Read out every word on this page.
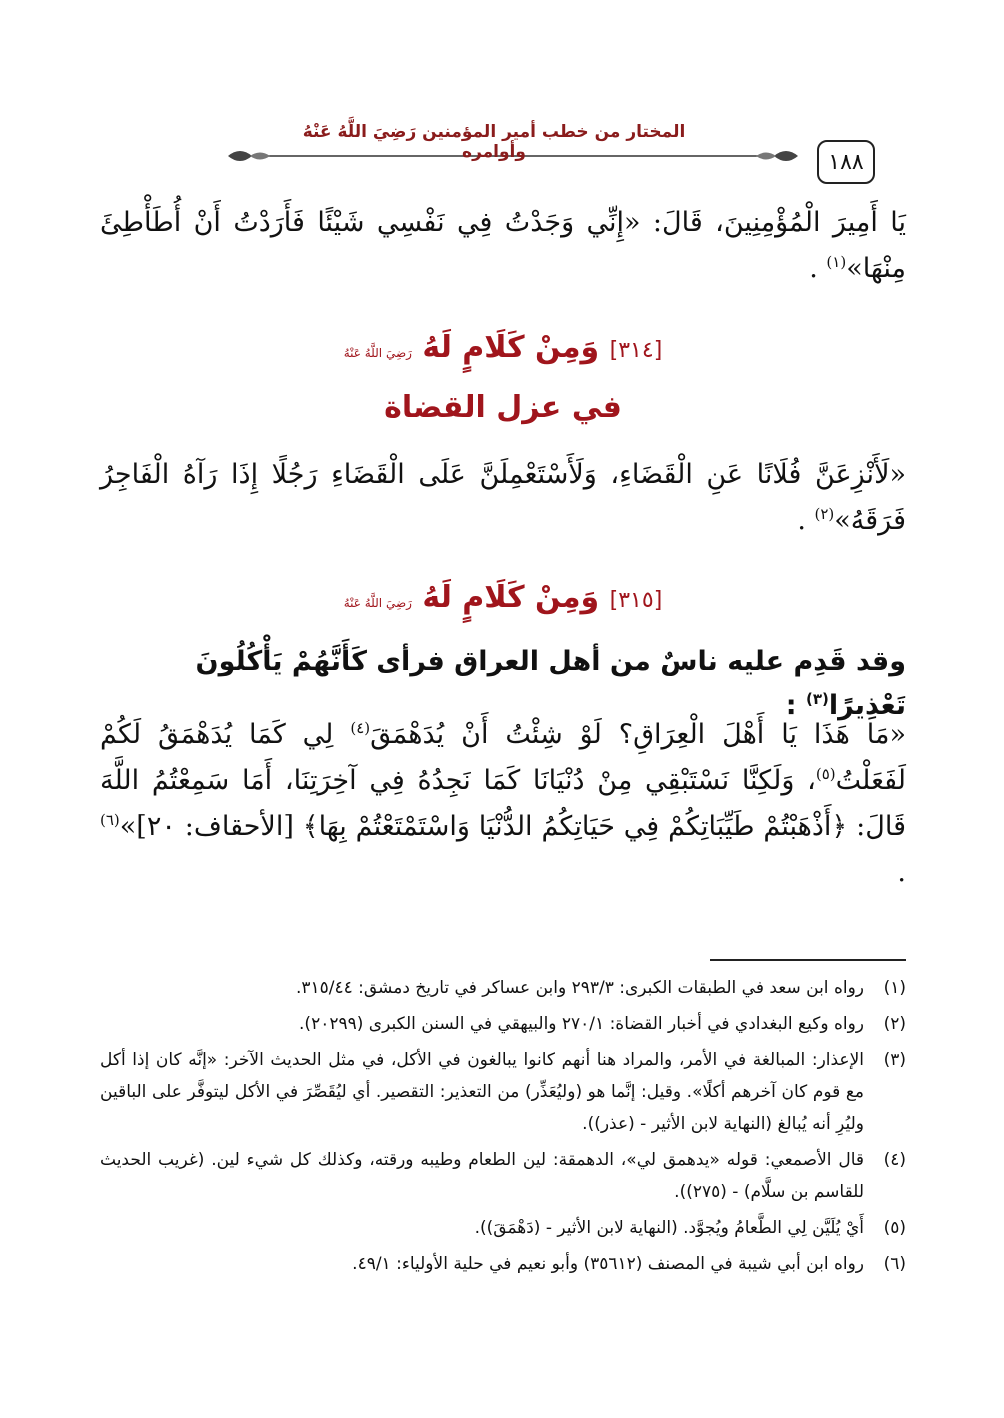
١٨٨
المختار من خطب أمير المؤمنين رَضِيَ اللَّهُ عَنْهُ وأوامره
يَا أَمِيرَ الْمُؤْمِنِينَ، قَالَ: «إِنِّي وَجَدْتُ فِي نَفْسِي شَيْئًا فَأَرَدْتُ أَنْ أُطَأْطِئَ مِنْهَا»$^{(١)}$ .
[٣١٤] وَمِنْ كَلَامٍ لَهُ رَضِيَ اللَّهُ عَنْهُ
في عزل القضاة
«لَأَنْزِعَنَّ فُلَانًا عَنِ الْقَضَاءِ، وَلَأَسْتَعْمِلَنَّ عَلَى الْقَضَاءِ رَجُلًا إِذَا رَآهُ الْفَاجِرُ فَرَقَهُ»$^{(٢)}$ .
[٣١٥] وَمِنْ كَلَامٍ لَهُ رَضِيَ اللَّهُ عَنْهُ
وقد قَدِم عليه ناسٌ من أهل العراق فرأى كَأَنَّهُمْ يَأْكُلُونَ تَعْذِيرًا$^{(٣)}$ :
«مَا هَذَا يَا أَهْلَ الْعِرَاقِ؟ لَوْ شِئْتُ أَنْ يُدَهْمَقَ$^{(٤)}$ لِي كَمَا يُدَهْمَقُ لَكُمْ لَفَعَلْتُ$^{(٥)}$، وَلَكِنَّا نَسْتَبْقِي مِنْ دُنْيَانَا كَمَا نَجِدُهُ فِي آخِرَتِنَا، أَمَا سَمِعْتُمُ اللَّهَ قَالَ: ﴿أَذْهَبْتُمْ طَيِّبَاتِكُمْ فِي حَيَاتِكُمُ الدُّنْيَا وَاسْتَمْتَعْتُمْ بِهَا﴾ [الأحقاف: ٢٠]»$^{(٦)}$ .
(١)
رواه ابن سعد في الطبقات الكبرى: ٢٩٣/٣ وابن عساكر في تاريخ دمشق: ٣١٥/٤٤.
(٢)
رواه وكيع البغدادي في أخبار القضاة: ٢٧٠/١ والبيهقي في السنن الكبرى (٢٠٢٩٩).
(٣)
الإعذار: المبالغة في الأمر، والمراد هنا أنهم كانوا يبالغون في الأكل، في مثل الحديث الآخر: «إنَّه كان إذا أكل مع قوم كان آخرهم أكلًا». وقيل: إنَّما هو (وليُعَذِّر) من التعذير: التقصير. أي ليُقَصِّرَ في الأكل ليتوفَّر على الباقين وليُرِ أنه يُبالغ (النهاية لابن الأثير - (عذر)).
(٤)
قال الأصمعي: قوله «يدهمق لي»، الدهمقة: لين الطعام وطيبه ورقته، وكذلك كل شيء لين. (غريب الحديث للقاسم بن سلَّام) - (٢٧٥)).
(٥)
أَيْ يُلَيَّن لِي الطَّعامُ ويُجوَّد. (النهاية لابن الأثير - (دَهْمَقَ)).
(٦)
رواه ابن أبي شيبة في المصنف (٣٥٦١٢) وأبو نعيم في حلية الأولياء: ٤٩/١.
